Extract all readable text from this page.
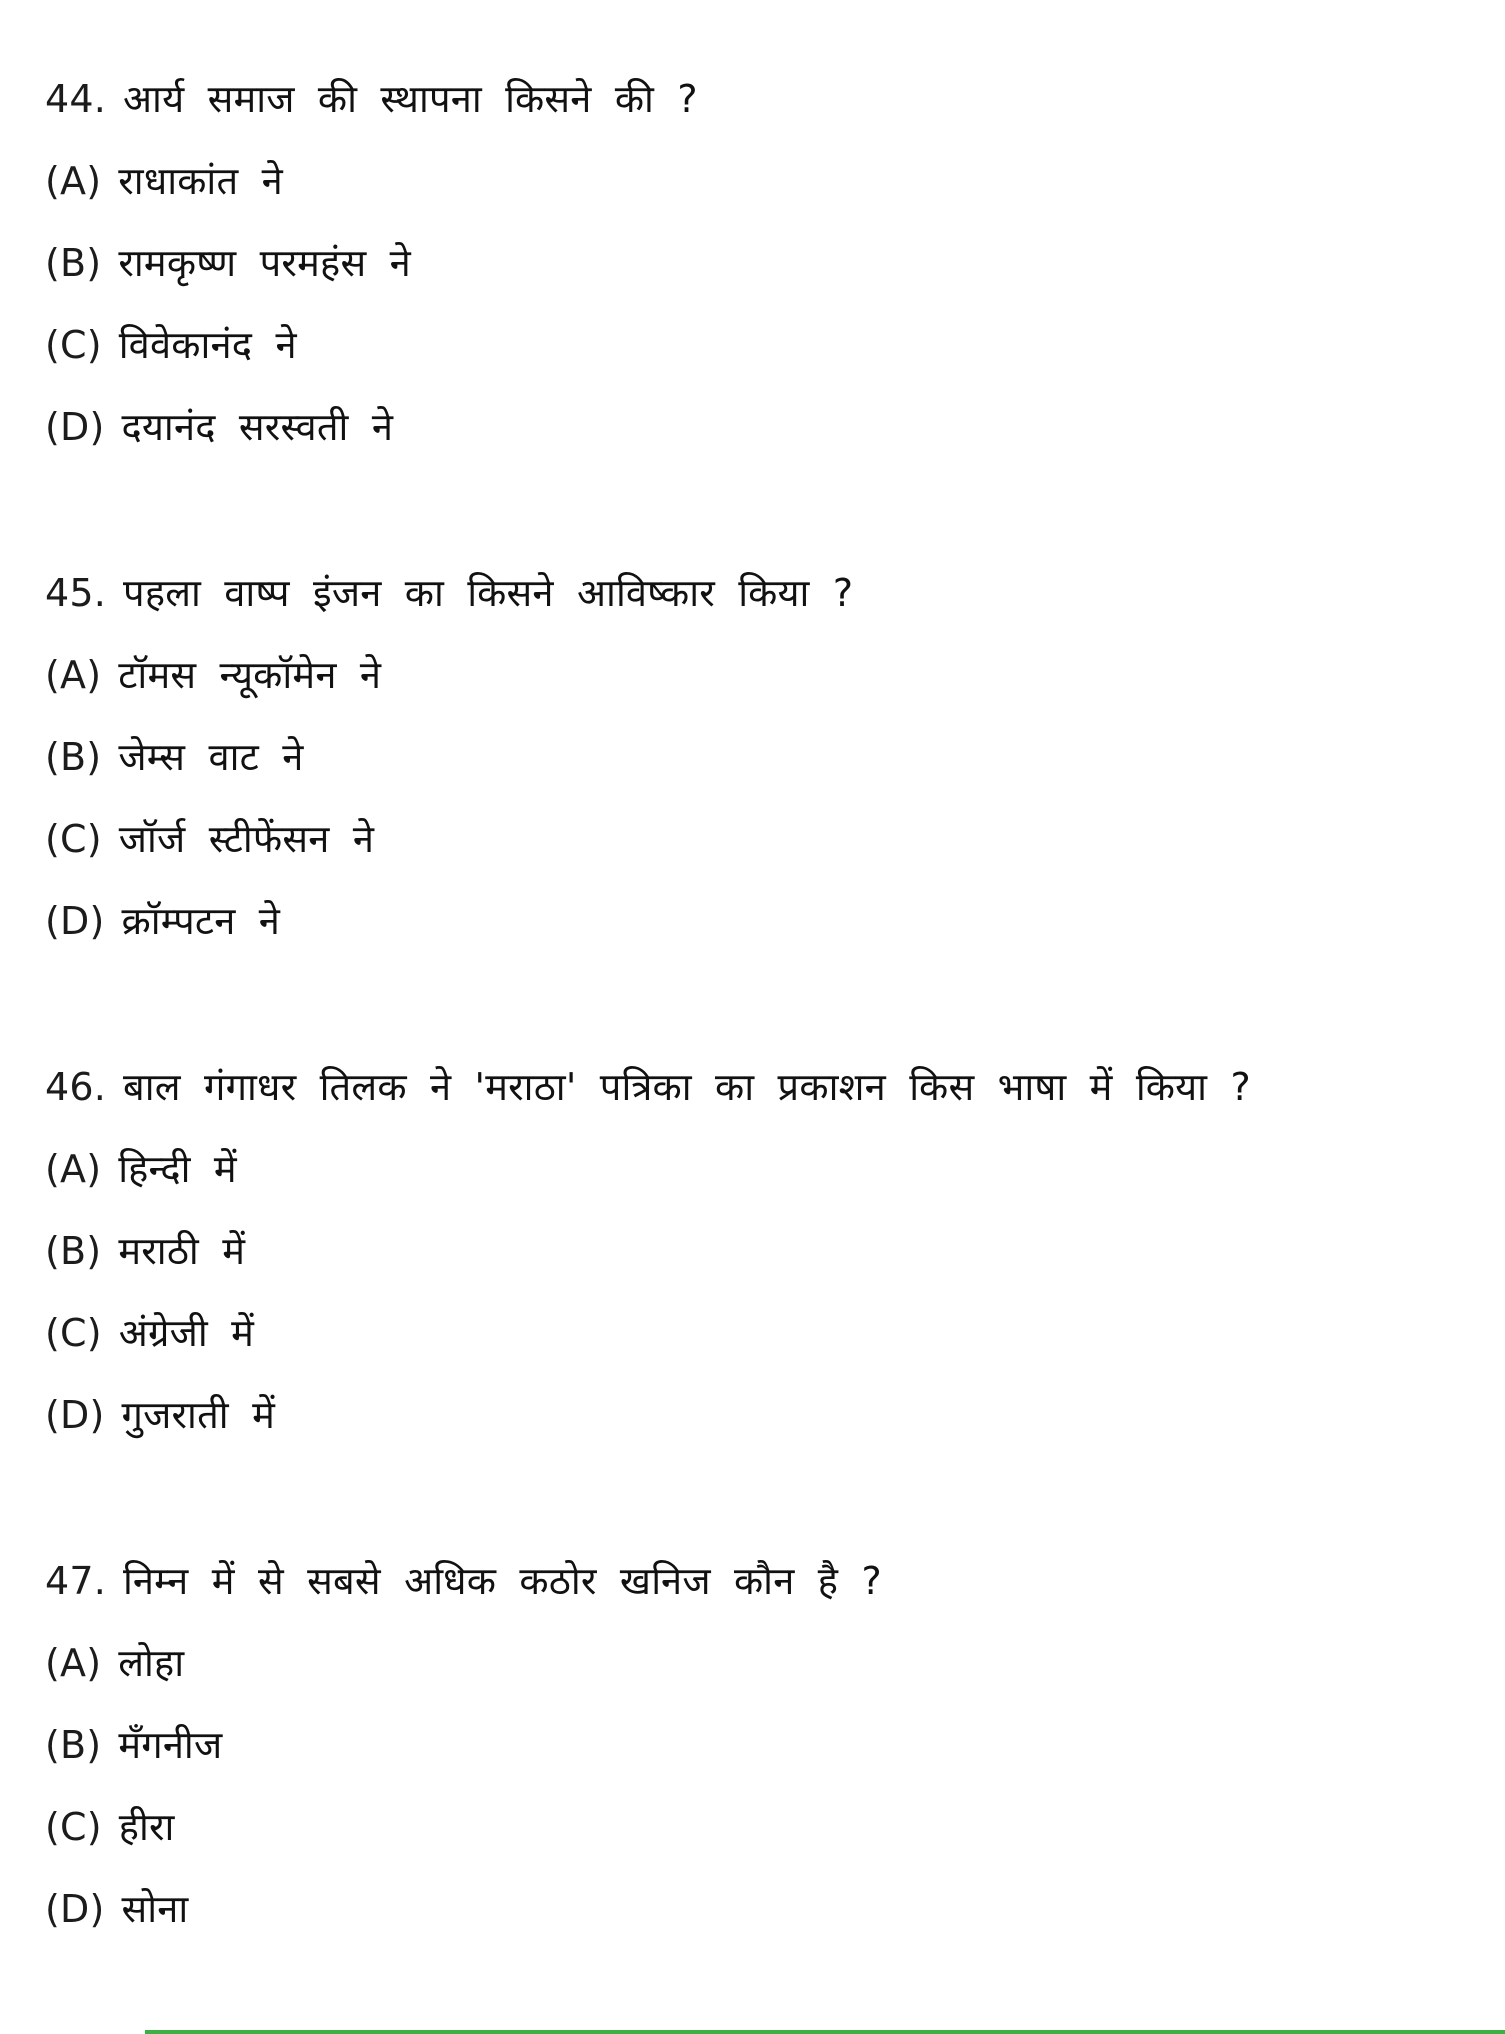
44. आर्य समाज की स्थापना किसने की ?
(A) राधाकांत ने
(B) रामकृष्ण परमहंस ने
(C) विवेकानंद ने
(D) दयानंद सरस्वती ने
45. पहला वाष्प इंजन का किसने आविष्कार किया ?
(A) टॉमस न्यूकॉमेन ने
(B) जेम्स वाट ने
(C) जॉर्ज स्टीफेंसन ने
(D) क्रॉम्पटन ने
46. बाल गंगाधर तिलक ने 'मराठा' पत्रिका का प्रकाशन किस भाषा में किया ?
(A) हिन्दी में
(B) मराठी में
(C) अंग्रेजी में
(D) गुजराती में
47. निम्न में से सबसे अधिक कठोर खनिज कौन है ?
(A) लोहा
(B) मँगनीज
(C) हीरा
(D) सोना
